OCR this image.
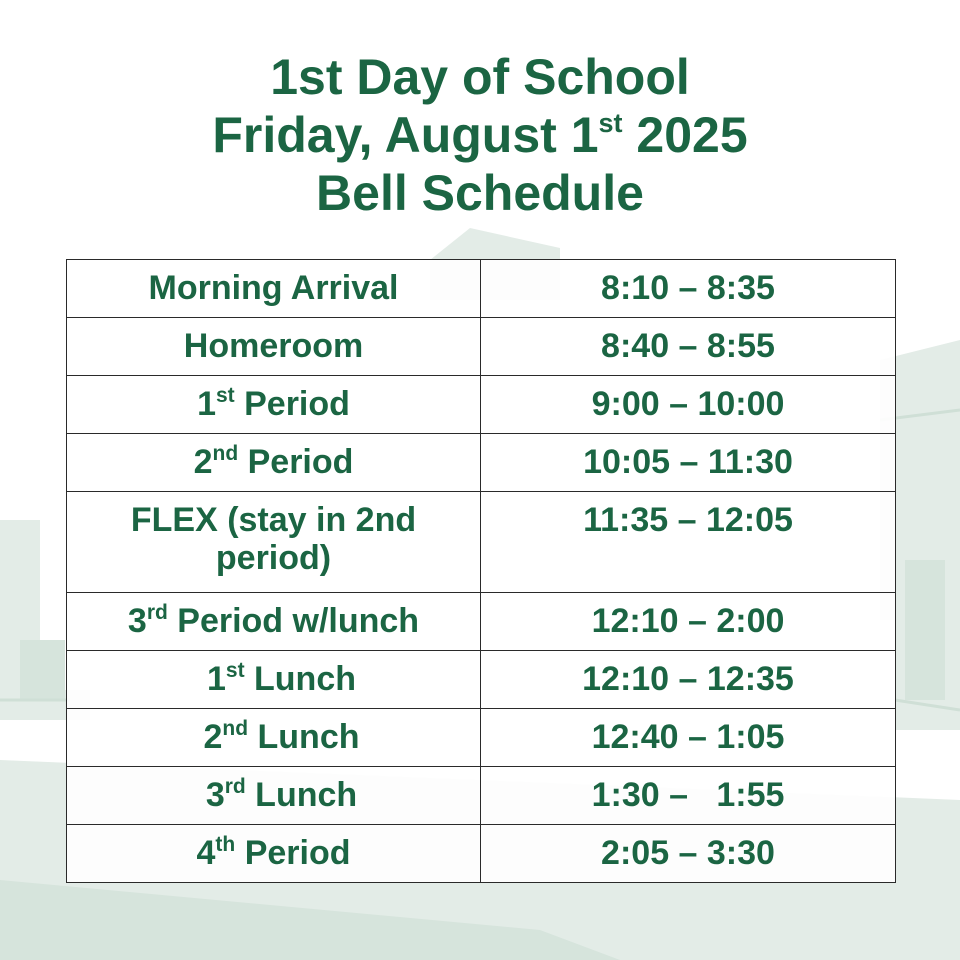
1st Day of School
Friday, August 1st 2025
Bell Schedule
Morning Arrival	8:10 – 8:35
Homeroom	8:40 – 8:55
1st Period	9:00 – 10:00
2nd Period	10:05 – 11:30
FLEX (stay in 2nd period)	11:35 – 12:05
3rd Period w/lunch	12:10 – 2:00
1st Lunch	12:10 – 12:35
2nd Lunch	12:40 – 1:05
3rd Lunch	1:30 –   1:55
4th Period	2:05 – 3:30
